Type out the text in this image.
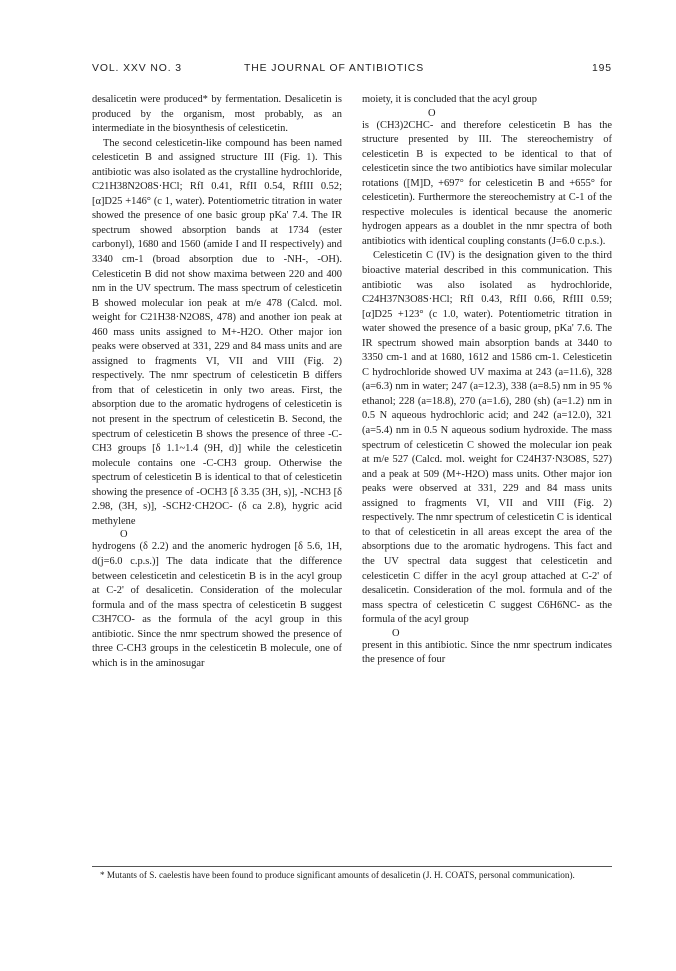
VOL. XXV NO. 3	THE JOURNAL OF ANTIBIOTICS	195

desalicetin were produced* by fermentation. Desalicetin is produced by the organism, most probably, as an intermediate in the biosynthesis of celesticetin.

The second celesticetin-like compound has been named celesticetin B and assigned structure III (Fig. 1). This antibiotic was also isolated as the crystalline hydrochloride, C21H38N2O8S·HCl; RfI 0.41, RfII 0.54, RfIII 0.52; [α]D25 +146° (c 1, water). Potentiometric titration in water showed the presence of one basic group pKa' 7.4. The IR spectrum showed absorption bands at 1734 (ester carbonyl), 1680 and 1560 (amide I and II respectively) and 3340 cm-1 (broad absorption due to -NH-, -OH). Celesticetin B did not show maxima between 220 and 400 nm in the UV spectrum. The mass spectrum of celesticetin B showed molecular ion peak at m/e 478 (Calcd. mol. weight for C21H38·N2O8S, 478) and another ion peak at 460 mass units assigned to M+-H2O. Other major ion peaks were observed at 331, 229 and 84 mass units and are assigned to fragments VI, VII and VIII (Fig. 2) respectively. The nmr spectrum of celesticetin B differs from that of celesticetin in only two areas. First, the absorption due to the aromatic hydrogens of celesticetin is not present in the spectrum of celesticetin B. Second, the spectrum of celesticetin B shows the presence of three -C-CH3 groups [δ 1.1~1.4 (9H, d)] while the celesticetin molecule contains one -C-CH3 group. Otherwise the spectrum of celesticetin B is identical to that of celesticetin showing the presence of -OCH3 [δ 3.35 (3H, s)], -NCH3 [δ 2.98, (3H, s)], -SCH2·CH2OC- (δ ca 2.8), hygric acid methylene

O

hydrogens (δ 2.2) and the anomeric hydrogen [δ 5.6, 1H, d(j=6.0 c.p.s.)] The data indicate that the difference between celesticetin and celesticetin B is in the acyl group at C-2' of desalicetin. Consideration of the molecular formula and of the mass spectra of celesticetin B suggest C3H7CO- as the formula of the acyl group in this antibiotic. Since the nmr spectrum showed the presence of three C-CH3 groups in the celesticetin B molecule, one of which is in the aminosugar

moiety, it is concluded that the acyl group

O

is (CH3)2CHC- and therefore celesticetin B has the structure presented by III. The stereochemistry of celesticetin B is expected to be identical to that of celesticetin since the two antibiotics have similar molecular rotations ([M]D, +697° for celesticetin B and +655° for celesticetin). Furthermore the stereochemistry at C-1 of the respective molecules is identical because the anomeric hydrogen appears as a doublet in the nmr spectra of both antibiotics with identical coupling constants (J=6.0 c.p.s.).

Celesticetin C (IV) is the designation given to the third bioactive material described in this communication. This antibiotic was also isolated as hydrochloride, C24H37N3O8S·HCl; RfI 0.43, RfII 0.66, RfIII 0.59; [α]D25 +123° (c 1.0, water). Potentiometric titration in water showed the presence of a basic group, pKa' 7.6. The IR spectrum showed main absorption bands at 3440 to 3350 cm-1 and at 1680, 1612 and 1586 cm-1. Celesticetin C hydrochloride showed UV maxima at 243 (a=11.6), 328 (a=6.3) nm in water; 247 (a=12.3), 338 (a=8.5) nm in 95 % ethanol; 228 (a=18.8), 270 (a=1.6), 280 (sh) (a=1.2) nm in 0.5 N aqueous hydrochloric acid; and 242 (a=12.0), 321 (a=5.4) nm in 0.5 N aqueous sodium hydroxide. The mass spectrum of celesticetin C showed the molecular ion peak at m/e 527 (Calcd. mol. weight for C24H37·N3O8S, 527) and a peak at 509 (M+-H2O) mass units. Other major ion peaks were observed at 331, 229 and 84 mass units assigned to fragments VI, VII and VIII (Fig. 2) respectively. The nmr spectrum of celesticetin C is identical to that of celesticetin in all areas except the area of the absorptions due to the aromatic hydrogens. This fact and the UV spectral data suggest that celesticetin and celesticetin C differ in the acyl group attached at C-2' of desalicetin. Consideration of the mol. formula and of the mass spectra of celesticetin C suggest C6H6NC- as the formula of the acyl group

O

present in this antibiotic. Since the nmr spectrum indicates the presence of four

* Mutants of S. caelestis have been found to produce significant amounts of desalicetin (J. H. COATS, personal communication).
